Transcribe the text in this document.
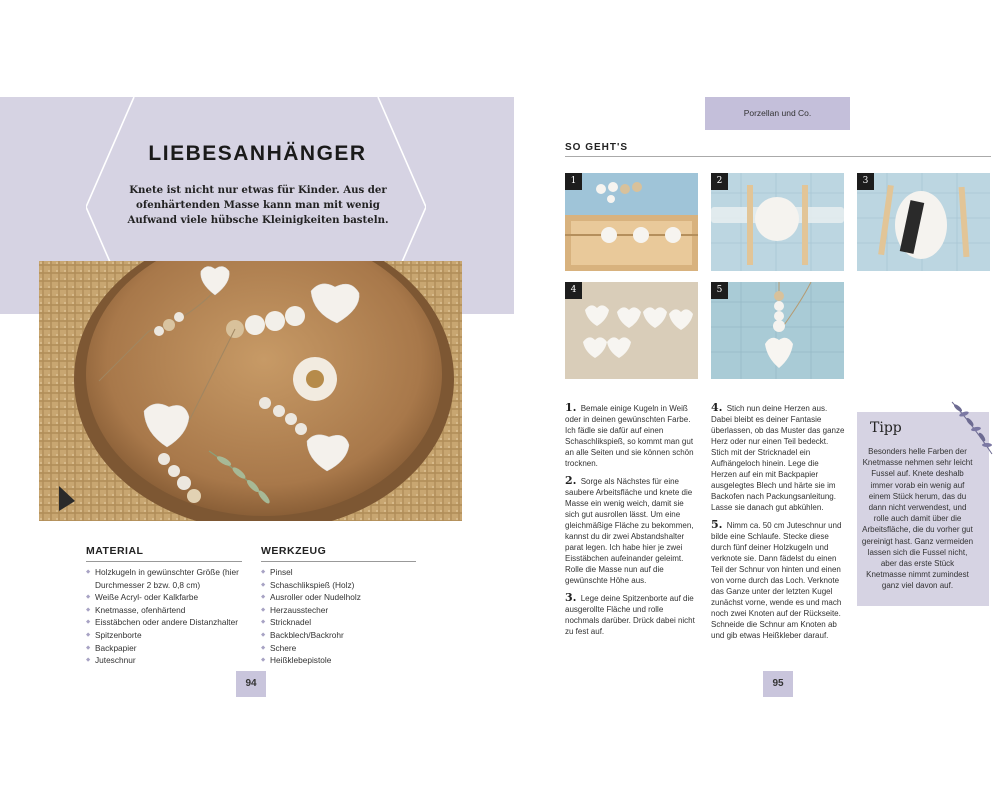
LIEBESANHÄNGER

Knete ist nicht nur etwas für Kinder. Aus der ofenhärtenden Masse kann man mit wenig Aufwand viele hübsche Kleinigkeiten basteln.

MATERIAL
◆ Holzkugeln in gewünschter Größe (hier Durchmesser 2 bzw. 0,8 cm)
◆ Weiße Acryl- oder Kalkfarbe
◆ Knetmasse, ofenhärtend
◆ Eisstäbchen oder andere Distanzhalter
◆ Spitzenborte
◆ Backpapier
◆ Juteschnur
WERKZEUG
◆ Pinsel
◆ Schaschlikspieß (Holz)
◆ Ausroller oder Nudelholz
◆ Herzausstecher
◆ Stricknadel
◆ Backblech/Backrohr
◆ Schere
◆ Heißklebepistole
94
Porzellan und Co.
SO GEHT'S
1	2	3
4	5

1. Bemale einige Kugeln in Weiß oder in deinen gewünschten Farbe. Ich fädle sie dafür auf einen Schaschlikspieß, so kommt man gut an alle Seiten und sie können schön trocknen.

2. Sorge als Nächstes für eine saubere Arbeitsfläche und knete die Masse ein wenig weich, damit sie sich gut ausrollen lässt. Um eine gleichmäßige Fläche zu bekommen, kannst du dir zwei Abstandshalter parat legen. Ich habe hier je zwei Eisstäbchen aufeinander geleimt. Rolle die Masse nun auf die gewünschte Höhe aus.

3. Lege deine Spitzenborte auf die ausgerollte Fläche und rolle nochmals darüber. Drück dabei nicht zu fest auf.

4. Stich nun deine Herzen aus. Dabei bleibt es deiner Fantasie überlassen, ob das Muster das ganze Herz oder nur einen Teil bedeckt. Stich mit der Stricknadel ein Aufhängeloch hinein. Lege die Herzen auf ein mit Backpapier ausgelegtes Blech und härte sie im Backofen nach Packungsanleitung. Lasse sie danach gut abkühlen.

5. Nimm ca. 50 cm Juteschnur und bilde eine Schlaufe. Stecke diese durch fünf deiner Holzkugeln und verknote sie. Dann fädelst du einen Teil der Schnur von hinten und einen von vorne durch das Loch. Verknote das Ganze unter der letzten Kugel zunächst vorne, wende es und mach noch zwei Knoten auf der Rückseite. Schneide die Schnur am Knoten ab und gib etwas Heißkleber darauf.

Tipp

Besonders helle Farben der Knetmasse nehmen sehr leicht Fussel auf. Knete deshalb immer vorab ein wenig auf einem Stück herum, das du dann nicht verwendest, und rolle auch damit über die Arbeitsfläche, die du vorher gut gereinigt hast. Ganz vermeiden lassen sich die Fussel nicht, aber das erste Stück Knetmasse nimmt zumindest ganz viel davon auf.

95
